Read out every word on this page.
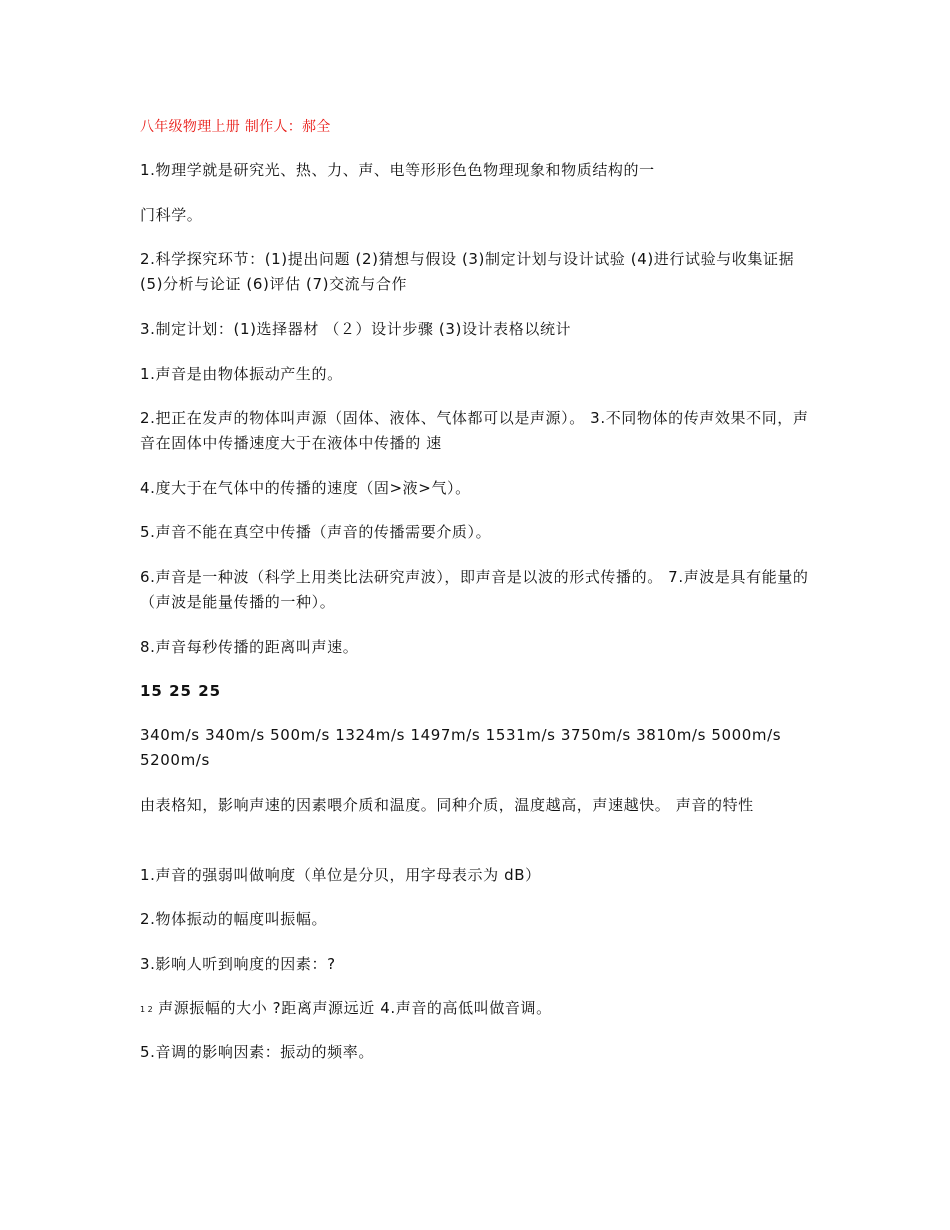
八年级物理上册 制作人：郝全
1.物理学就是研究光、热、力、声、电等形形色色物理现象和物质结构的一
门科学。
2.科学探究环节：(1)提出问题 (2)猜想与假设 (3)制定计划与设计试验 (4)进行试验与收集证据 (5)分析与论证 (6)评估 (7)交流与合作
3.制定计划：(1)选择器材 （２）设计步骤 (3)设计表格以统计
1.声音是由物体振动产生的。
2.把正在发声的物体叫声源（固体、液体、气体都可以是声源）。 3.不同物体的传声效果不同，声音在固体中传播速度大于在液体中传播的 速
4.度大于在气体中的传播的速度（固>液>气）。
5.声音不能在真空中传播（声音的传播需要介质）。
6.声音是一种波（科学上用类比法研究声波），即声音是以波的形式传播的。 7.声波是具有能量的（声波是能量传播的一种）。
8.声音每秒传播的距离叫声速。
15 25 25
340m/s 340m/s 500m/s 1324m/s 1497m/s 1531m/s 3750m/s 3810m/s 5000m/s 5200m/s
由表格知，影响声速的因素喂介质和温度。同种介质，温度越高，声速越快。 声音的特性
1.声音的强弱叫做响度（单位是分贝，用字母表示为 dB）
2.物体振动的幅度叫振幅。
3.影响人听到响度的因素：?
1 2 声源振幅的大小 ?距离声源远近 4.声音的高低叫做音调。
5.音调的影响因素：振动的频率。
